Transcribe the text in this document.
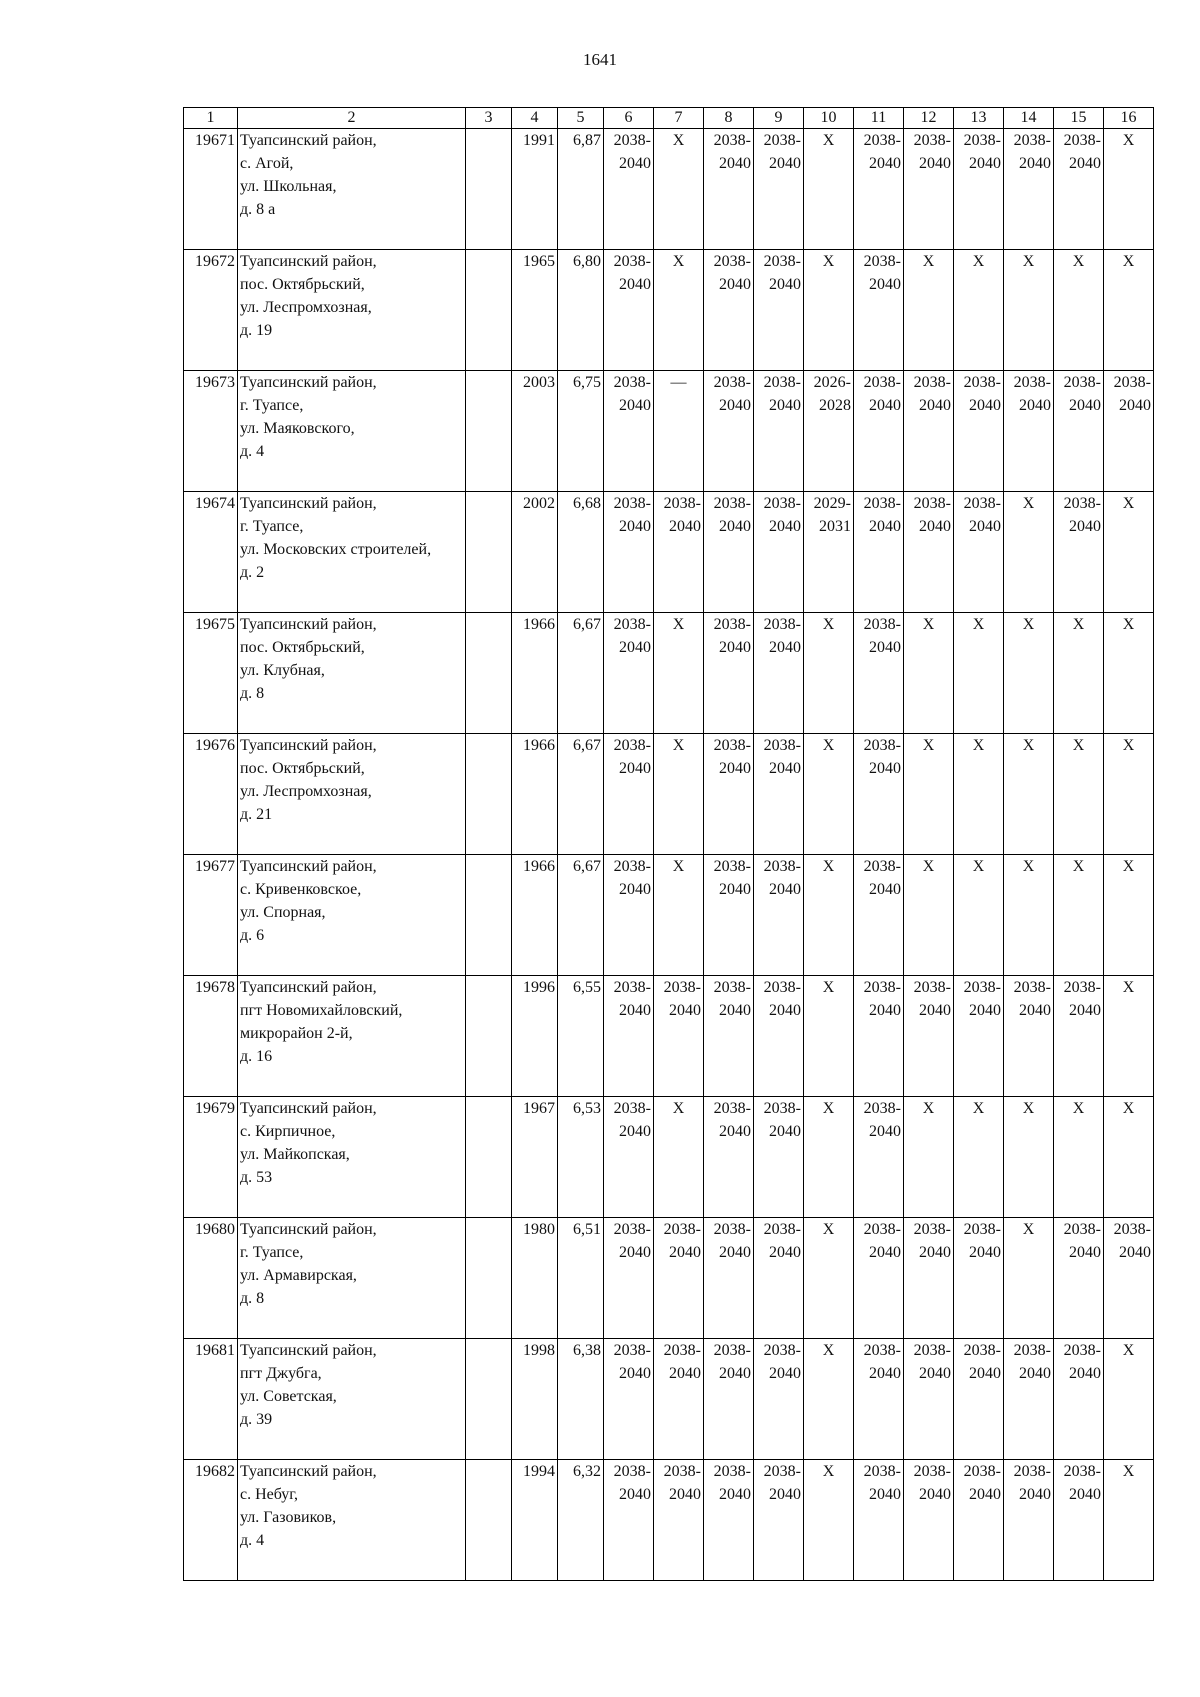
1641
1	2	3	4	5	6	7	8	9	10	11	12	13	14	15	16
19671	Туапсинский район,
с. Агой,
ул. Школьная,
д. 8 а		1991	6,87	2038-
2040	X	2038-
2040	2038-
2040	X	2038-
2040	2038-
2040	2038-
2040	2038-
2040	2038-
2040	X
19672	Туапсинский район,
пос. Октябрьский,
ул. Леспромхозная,
д. 19		1965	6,80	2038-
2040	X	2038-
2040	2038-
2040	X	2038-
2040	X	X	X	X	X
19673	Туапсинский район,
г. Туапсе,
ул. Маяковского,
д. 4		2003	6,75	2038-
2040	—	2038-
2040	2038-
2040	2026-
2028	2038-
2040	2038-
2040	2038-
2040	2038-
2040	2038-
2040	2038-
2040

19674	Туапсинский район,
г. Туапсе,
ул. Московских строителей,
д. 2		2002	6,68	2038-
2040	2038-
2040	2038-
2040	2038-
2040	2029-
2031	2038-
2040	2038-
2040	2038-
2040	X	2038-
2040	X
19675	Туапсинский район,
пос. Октябрьский,
ул. Клубная,
д. 8		1966	6,67	2038-
2040	X	2038-
2040	2038-
2040	X	2038-
2040	X	X	X	X	X
19676	Туапсинский район,
пос. Октябрьский,
ул. Леспромхозная,
д. 21		1966	6,67	2038-
2040	X	2038-
2040	2038-
2040	X	2038-
2040	X	X	X	X	X
19677	Туапсинский район,
с. Кривенковское,
ул. Спорная,
д. 6		1966	6,67	2038-
2040	X	2038-
2040	2038-
2040	X	2038-
2040	X	X	X	X	X
19678	Туапсинский район,
пгт Новомихайловский,
микрорайон 2-й,
д. 16		1996	6,55	2038-
2040	2038-
2040	2038-
2040	2038-
2040	X	2038-
2040	2038-
2040	2038-
2040	2038-
2040	2038-
2040	X
19679	Туапсинский район,
с. Кирпичное,
ул. Майкопская,
д. 53		1967	6,53	2038-
2040	X	2038-
2040	2038-
2040	X	2038-
2040	X	X	X	X	X
19680	Туапсинский район,
г. Туапсе,
ул. Армавирская,
д. 8		1980	6,51	2038-
2040	2038-
2040	2038-
2040	2038-
2040	X	2038-
2040	2038-
2040	2038-
2040	X	2038-
2040	2038-
2040

19681	Туапсинский район,
пгт Джубга,
ул. Советская,
д. 39		1998	6,38	2038-
2040	2038-
2040	2038-
2040	2038-
2040	X	2038-
2040	2038-
2040	2038-
2040	2038-
2040	2038-
2040	X
19682	Туапсинский район,
с. Небуг,
ул. Газовиков,
д. 4		1994	6,32	2038-
2040	2038-
2040	2038-
2040	2038-
2040	X	2038-
2040	2038-
2040	2038-
2040	2038-
2040	2038-
2040	X
